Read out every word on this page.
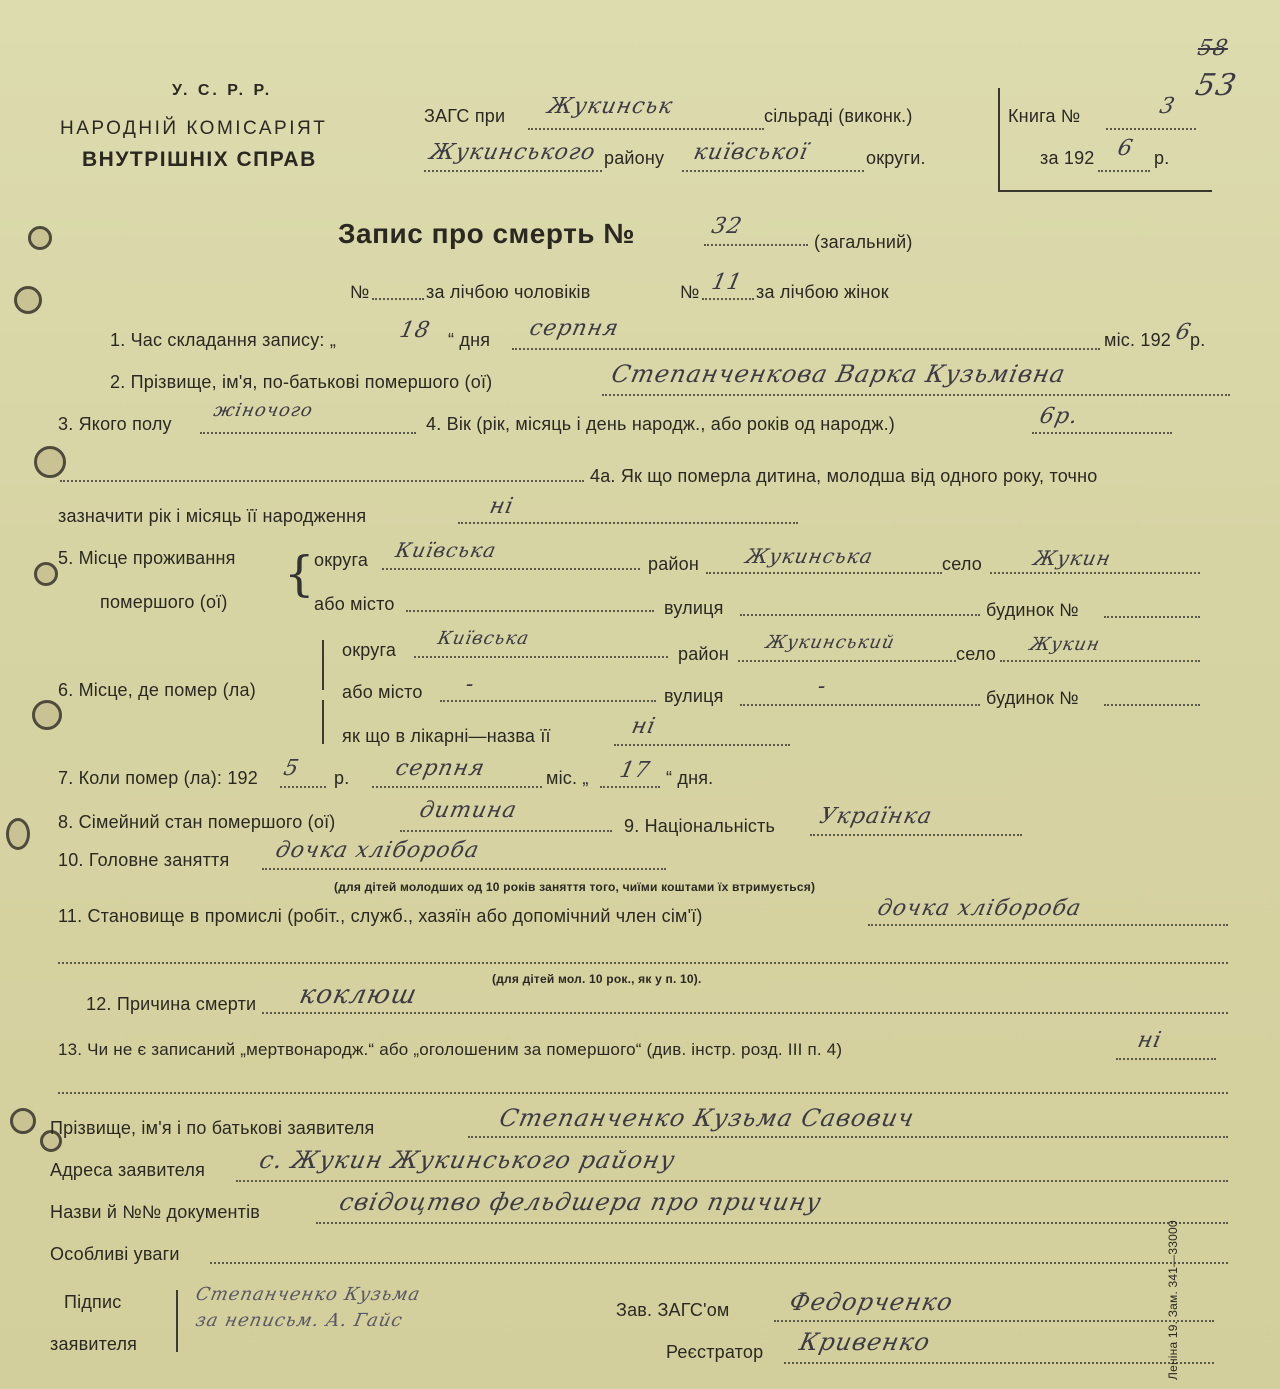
У. С. Р. Р.
НАРОДНІЙ КОМІСАРІЯТ
ВНУТРІШНІХ СПРАВ
ЗАГС при Жукинськ	сільраді (виконк.)
Жукинського району київської	округи.
Книга №	3
за 192 6 р.
58
53
Запис про смерть №	32
(загальний)
№	за лічбою чоловіків	№ 11 за лічбою жінок
1. Час складання запису: „	18 “ дня серпня	міс. 192 6
р.
2. Прізвище, ім'я, по-батькові помершого (ої)	Степанченкова Варка Кузьмівна
3. Якого полу
жіночого
4. Вік (рік, місяць і день народж., або років од народж.)	6р.
4а. Як що померла дитина, молодша від одного року, точно
зазначити рік і місяць її народження	ні
5. Місце проживання
помершого (ої) { округа Київська
район Жукинська	село Жукин
або місто	вулиця	будинок №
6. Місце, де помер (ла)
округа
Київська
район
Жукинський
село Жукин
або місто -	вулиця	-	будинок №
як що в лікарні—назва її	ні
7. Коли помер (ла): 192 5 р. серпня	міс. „ 17 “ дня.
8. Сімейний стан помершого (ої)	дитина
9. Національність Українка
10. Головне заняття дочка хлібороба
(для дітей молодших од 10 років заняття того, чиїми коштами їх втримується)
11. Становище в промислі (робіт., служб., хазяїн або допомічний член сім'ї)	дочка хлібороба
(для дітей мол. 10 рок., як у п. 10).
12. Причина смерти коклюш
13. Чи не є записаний „мертвонародж.“ або „оголошеним за помершого“ (див. інстр. розд. III п. 4)	ні
Прізвище, ім'я і по батькові заявителя	Степанченко Кузьма Савович
Адреса заявителя с. Жукин Жукинського району
Назви й №№ документів	свідоцтво фельдшера про причину
Особливі уваги
Підпис
заявителя
Степанченко Кузьма
за неписьм. А. Гайс	Зав. ЗАГС'ом Федорченко
Реєстратор Кривенко	Леніна 19. Зам. 341—33000
